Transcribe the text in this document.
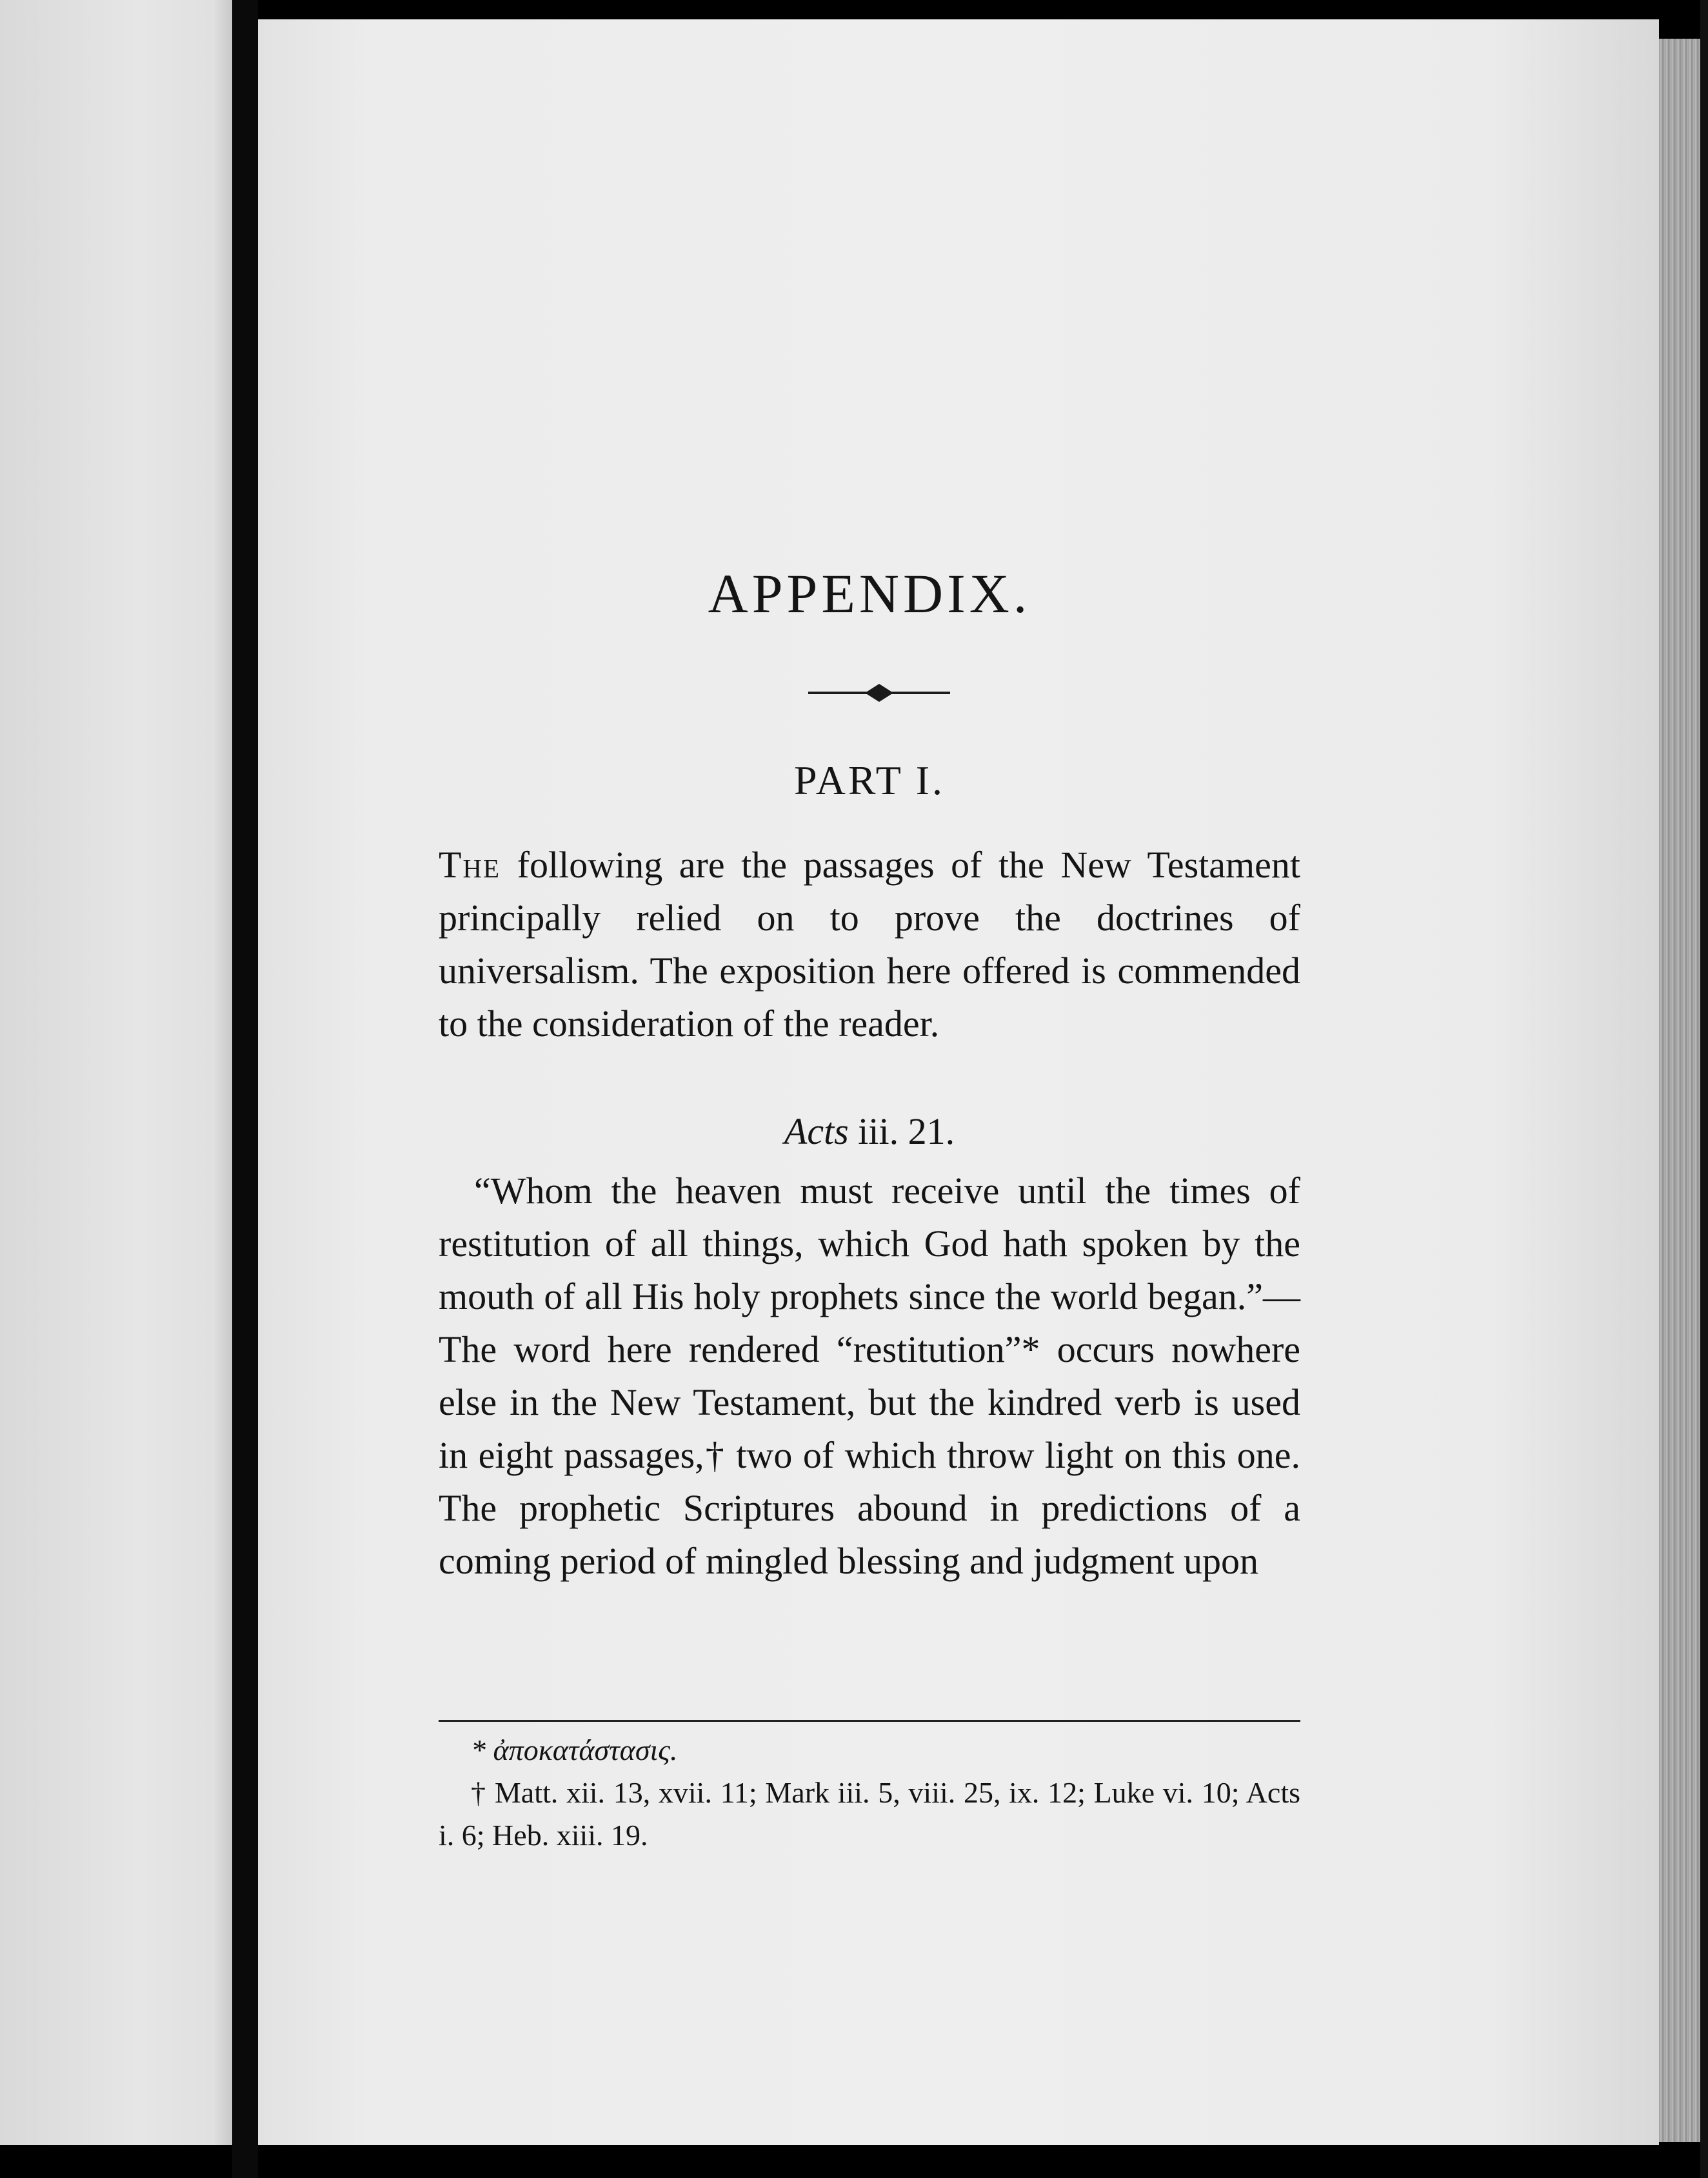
APPENDIX.
PART I.

The following are the passages of the New Testament principally relied on to prove the doctrines of universalism. The exposition here offered is commended to the consideration of the reader.

Acts iii. 21.

“Whom the heaven must receive until the times of restitution of all things, which God hath spoken by the mouth of all His holy prophets since the world began.”—The word here rendered “restitution”* occurs nowhere else in the New Testament, but the kindred verb is used in eight passages,† two of which throw light on this one. The prophetic Scriptures abound in predictions of a coming period of mingled blessing and judgment upon

* ἀποκατάστασις.

† Matt. xii. 13, xvii. 11; Mark iii. 5, viii. 25, ix. 12; Luke vi. 10; Acts i. 6; Heb. xiii. 19.
